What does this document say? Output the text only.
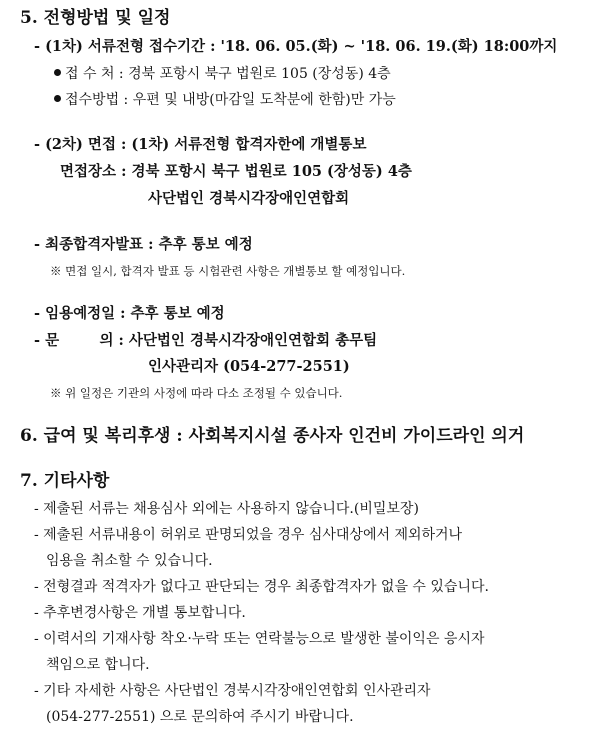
5. 전형방법 및 일정
- (1차) 서류전형 접수기간 : '18. 06. 05.(화) ~ '18. 06. 19.(화) 18:00까지
접 수 처 : 경북 포항시 북구 법원로 105 (장성동) 4층
접수방법 : 우편 및 내방(마감일 도착분에 한함)만 가능
- (2차) 면접 : (1차) 서류전형 합격자한에 개별통보
면접장소 : 경북 포항시 북구 법원로 105 (장성동) 4층
사단법인 경북시각장애인연합회
- 최종합격자발표 : 추후 통보 예정
※ 면접 일시, 합격자 발표 등 시험관련 사항은 개별통보 할 예정입니다.
- 임용예정일 : 추후 통보 예정
- 문        의 : 사단법인 경북시각장애인연합회 총무팀
인사관리자 (054-277-2551)
※ 위 일정은 기관의 사정에 따라 다소 조정될 수 있습니다.
6. 급여 및 복리후생 : 사회복지시설 종사자 인건비 가이드라인 의거
7. 기타사항
- 제출된 서류는 채용심사 외에는 사용하지 않습니다.(비밀보장)
- 제출된 서류내용이 허위로 판명되었을 경우 심사대상에서 제외하거나
임용을 취소할 수 있습니다.
- 전형결과 적격자가 없다고 판단되는 경우 최종합격자가 없을 수 있습니다.
- 추후변경사항은 개별 통보합니다.
- 이력서의 기재사항 착오·누락 또는 연락불능으로 발생한 불이익은 응시자
책임으로 합니다.
- 기타 자세한 사항은 사단법인 경북시각장애인연합회 인사관리자
(054-277-2551) 으로 문의하여 주시기 바랍니다.
